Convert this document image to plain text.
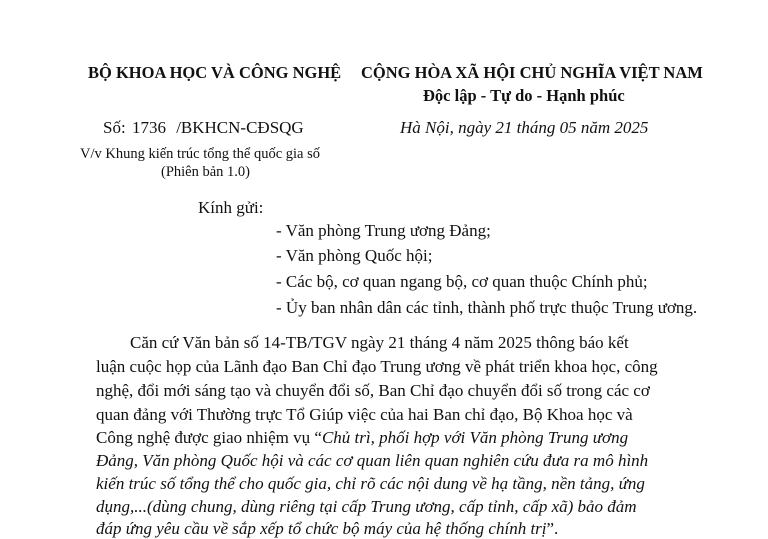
BỘ KHOA HỌC VÀ CÔNG NGHỆ CỘNG HÒA XÃ HỘI CHỦ NGHĨA VIỆT NAM
Độc lập - Tự do - Hạnh phúc
Số: 1736 /BKHCN-CĐSQG	Hà Nội, ngày 21 tháng 05 năm 2025
V/v Khung kiến trúc tổng thể quốc gia số
(Phiên bản 1.0)
Kính gửi:
- Văn phòng Trung ương Đảng;
- Văn phòng Quốc hội;
- Các bộ, cơ quan ngang bộ, cơ quan thuộc Chính phủ;
- Ủy ban nhân dân các tỉnh, thành phố trực thuộc Trung ương.
Căn cứ Văn bản số 14-TB/TGV ngày 21 tháng 4 năm 2025 thông báo kết
luận cuộc họp của Lãnh đạo Ban Chỉ đạo Trung ương về phát triển khoa học, công
nghệ, đổi mới sáng tạo và chuyển đổi số, Ban Chỉ đạo chuyển đổi số trong các cơ
quan đảng với Thường trực Tổ Giúp việc của hai Ban chỉ đạo, Bộ Khoa học và
Công nghệ được giao nhiệm vụ “Chủ trì, phối hợp với Văn phòng Trung ương
Đảng, Văn phòng Quốc hội và các cơ quan liên quan nghiên cứu đưa ra mô hình
kiến trúc số tổng thể cho quốc gia, chỉ rõ các nội dung về hạ tầng, nền tảng, ứng
dụng,...(dùng chung, dùng riêng tại cấp Trung ương, cấp tỉnh, cấp xã) bảo đảm
đáp ứng yêu cầu về sắp xếp tổ chức bộ máy của hệ thống chính trị”.
